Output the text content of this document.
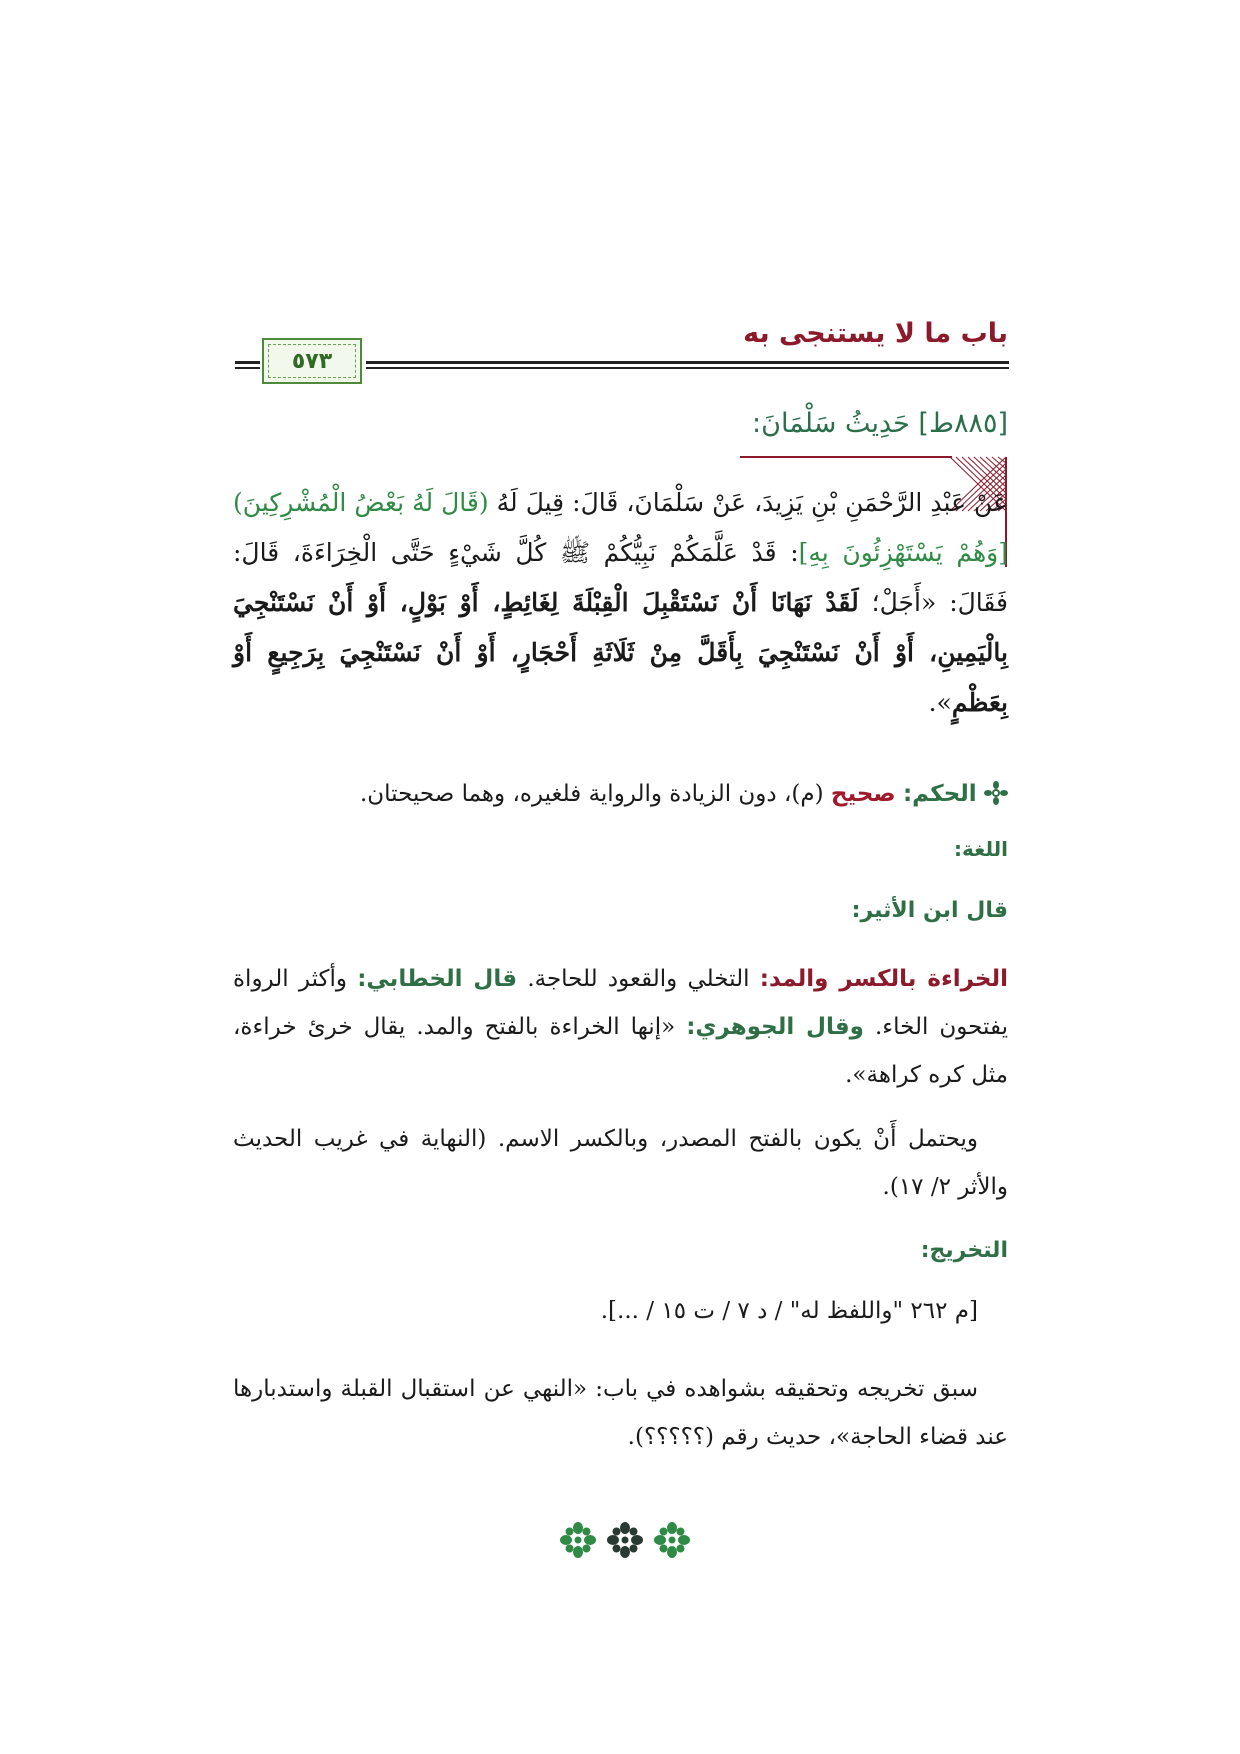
باب ما لا يستنجى به
٥٧٣
[٨٨٥ط] حَدِيثُ سَلْمَانَ:
عَنْ عَبْدِ الرَّحْمَنِ بْنِ يَزِيدَ، عَنْ سَلْمَانَ، قَالَ: قِيلَ لَهُ (قَالَ لَهُ بَعْضُ الْمُشْرِكِينَ) [وَهُمْ يَسْتَهْزِئُونَ بِهِ]: قَدْ عَلَّمَكُمْ نَبِيُّكُمْ ﷺ كُلَّ شَيْءٍ حَتَّى الْخِرَاءَةَ، قَالَ: فَقَالَ: «أَجَلْ؛ لَقَدْ نَهَانَا أَنْ نَسْتَقْبِلَ الْقِبْلَةَ لِغَائِطٍ، أَوْ بَوْلٍ، أَوْ أَنْ نَسْتَنْجِيَ بِالْيَمِينِ، أَوْ أَنْ نَسْتَنْجِيَ بِأَقَلَّ مِنْ ثَلَاثَةِ أَحْجَارٍ، أَوْ أَنْ نَسْتَنْجِيَ بِرَجِيعٍ أَوْ بِعَظْمٍ».
الحكم: صحيح (م)، دون الزيادة والرواية فلغيره، وهما صحيحتان.
اللغة:
قال ابن الأثير:
الخراءة بالكسر والمد: التخلي والقعود للحاجة. قال الخطابي: وأكثر الرواة يفتحون الخاء. وقال الجوهري: «إنها الخراءة بالفتح والمد. يقال خرئ خراءة، مثل كره كراهة».
ويحتمل أَنْ يكون بالفتح المصدر، وبالكسر الاسم. (النهاية في غريب الحديث والأثر ٢/ ١٧).
التخريج:
[م ٢٦٢ "واللفظ له" / د ٧ / ت ١٥ / ...].
سبق تخريجه وتحقيقه بشواهده في باب: «النهي عن استقبال القبلة واستدبارها عند قضاء الحاجة»، حديث رقم (؟؟؟؟؟).
